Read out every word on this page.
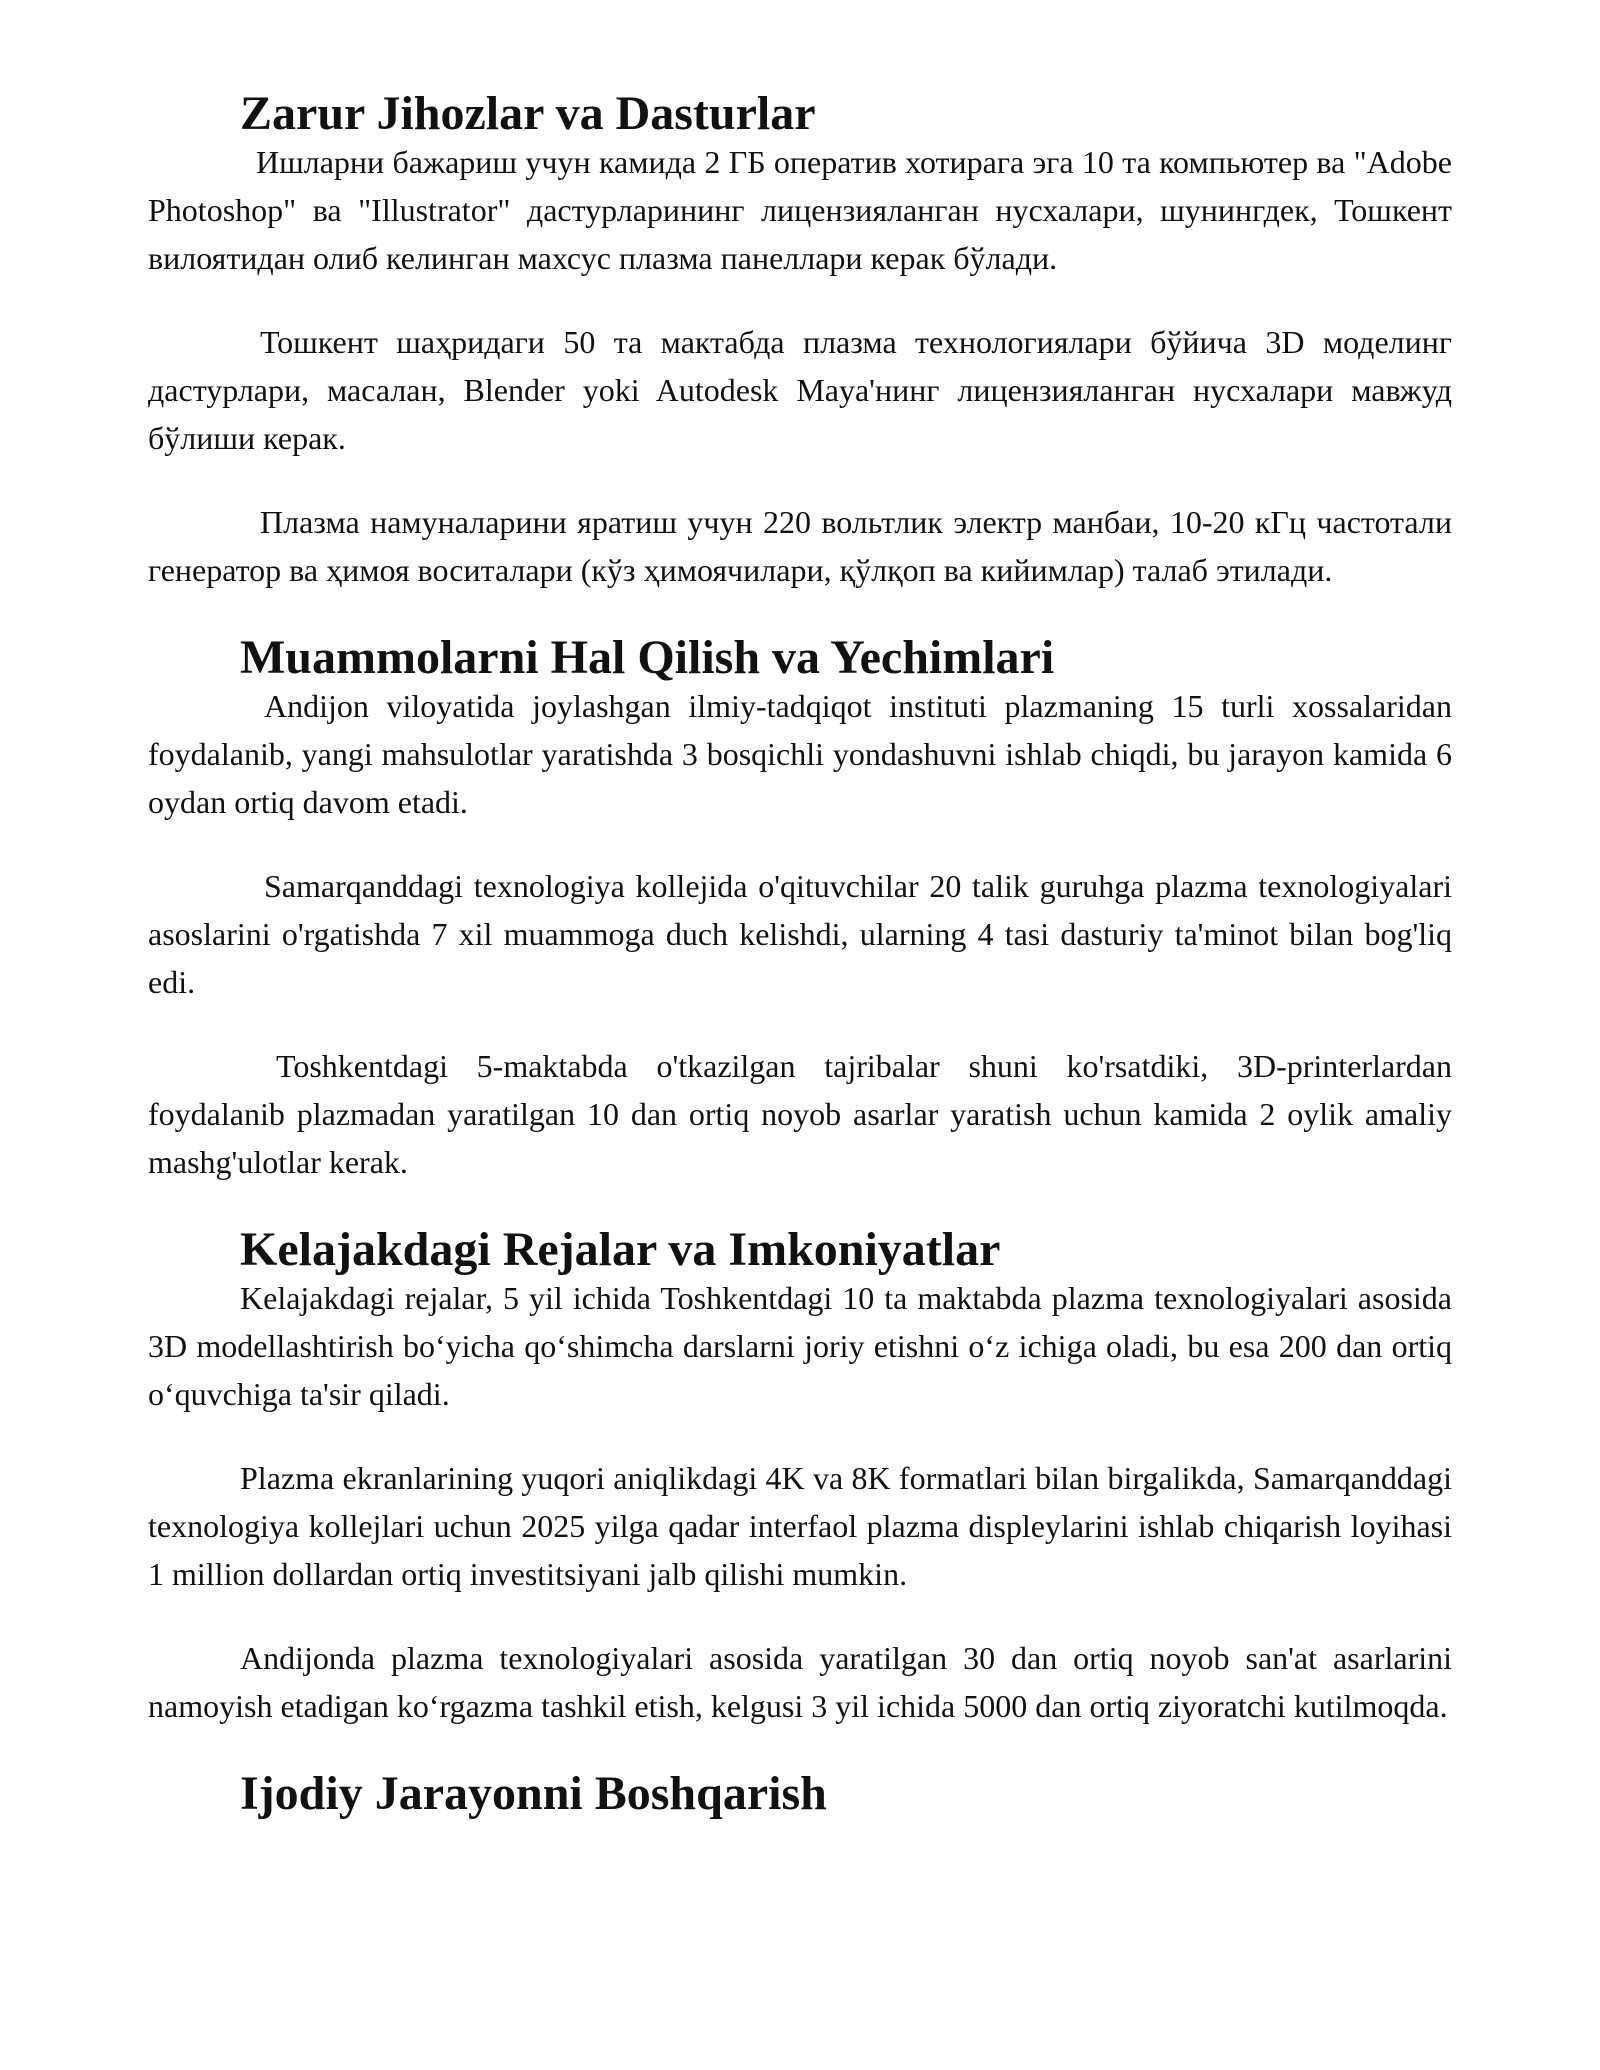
Zarur Jihozlar va Dasturlar

Ишларни бажариш учун камида 2 ГБ оператив хотирага эга 10 та компьютер ва "Adobe Photoshop" ва "Illustrator" дастурларининг лицензияланган нусхалари, шунингдек, Тошкент вилоятидан олиб келинган махсус плазма панеллари керак бўлади.

Тошкент шаҳридаги 50 та мактабда плазма технологиялари бўйича 3D моделинг дастурлари, масалан, Blender yoki Autodesk Maya'нинг лицензияланган нусхалари мавжуд бўлиши керак.

Плазма намуналарини яратиш учун 220 вольтлик электр манбаи, 10-20 кГц частотали генератор ва ҳимоя воситалари (кўз ҳимоячилари, қўлқоп ва кийимлар) талаб этилади.

Muammolarni Hal Qilish va Yechimlari

Andijon viloyatida joylashgan ilmiy-tadqiqot instituti plazmaning 15 turli xossalaridan foydalanib, yangi mahsulotlar yaratishda 3 bosqichli yondashuvni ishlab chiqdi, bu jarayon kamida 6 oydan ortiq davom etadi.

Samarqanddagi texnologiya kollejida o'qituvchilar 20 talik guruhga plazma texnologiyalari asoslarini o'rgatishda 7 xil muammoga duch kelishdi, ularning 4 tasi dasturiy ta'minot bilan bog'liq edi.

Toshkentdagi 5-maktabda o'tkazilgan tajribalar shuni ko'rsatdiki, 3D-printerlardan foydalanib plazmadan yaratilgan 10 dan ortiq noyob asarlar yaratish uchun kamida 2 oylik amaliy mashg'ulotlar kerak.

Kelajakdagi Rejalar va Imkoniyatlar

Kelajakdagi rejalar, 5 yil ichida Toshkentdagi 10 ta maktabda plazma texnologiyalari asosida 3D modellashtirish bo‘yicha qo‘shimcha darslarni joriy etishni o‘z ichiga oladi, bu esa 200 dan ortiq o‘quvchiga ta'sir qiladi.

Plazma ekranlarining yuqori aniqlikdagi 4K va 8K formatlari bilan birgalikda, Samarqanddagi texnologiya kollejlari uchun 2025 yilga qadar interfaol plazma displeylarini ishlab chiqarish loyihasi 1 million dollardan ortiq investitsiyani jalb qilishi mumkin.

Andijonda plazma texnologiyalari asosida yaratilgan 30 dan ortiq noyob san'at asarlarini namoyish etadigan ko‘rgazma tashkil etish, kelgusi 3 yil ichida 5000 dan ortiq ziyoratchi kutilmoqda.

Ijodiy Jarayonni Boshqarish
